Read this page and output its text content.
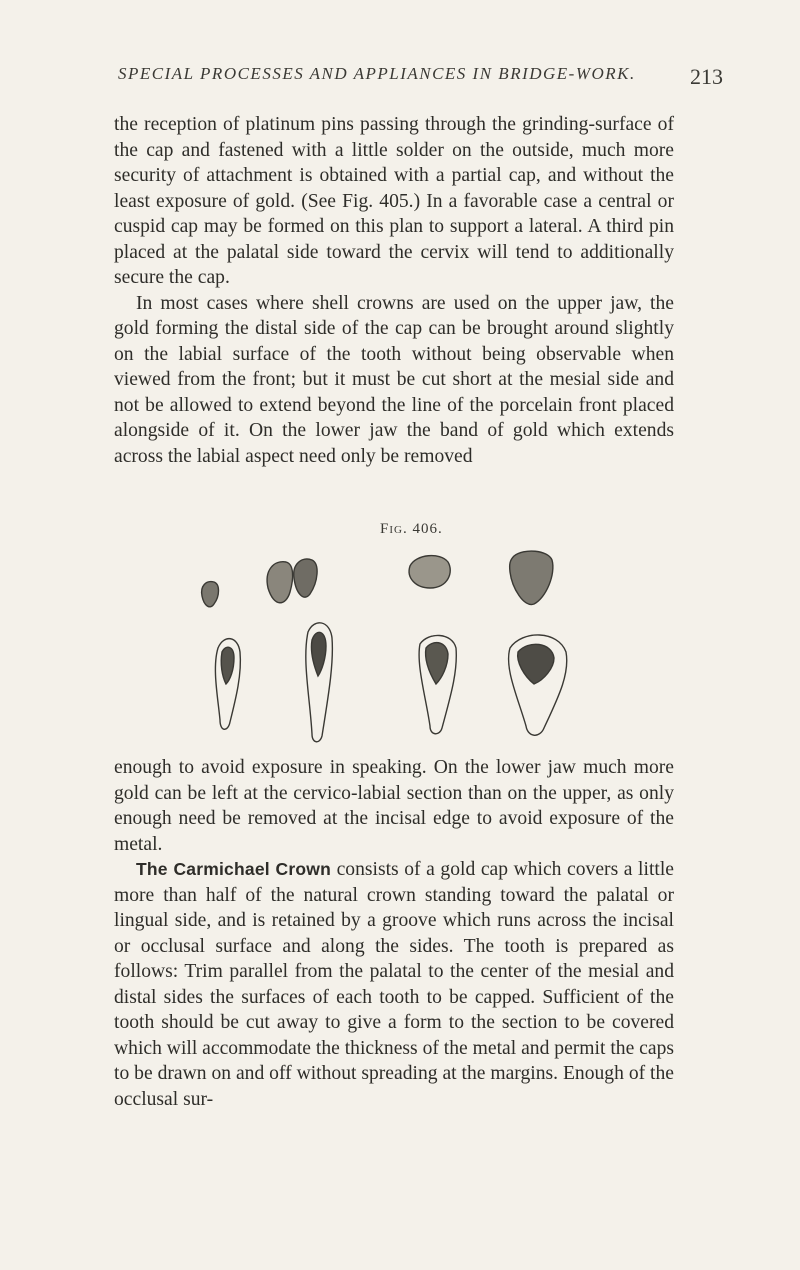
SPECIAL PROCESSES AND APPLIANCES IN BRIDGE-WORK.	213

the reception of platinum pins passing through the grinding-surface of the cap and fastened with a little solder on the outside, much more security of attachment is obtained with a partial cap, and without the least exposure of gold. (See Fig. 405.) In a favorable case a central or cuspid cap may be formed on this plan to support a lateral. A third pin placed at the palatal side toward the cervix will tend to additionally secure the cap.

In most cases where shell crowns are used on the upper jaw, the gold forming the distal side of the cap can be brought around slightly on the labial surface of the tooth without being observable when viewed from the front; but it must be cut short at the mesial side and not be allowed to extend beyond the line of the porcelain front placed alongside of it. On the lower jaw the band of gold which extends across the labial aspect need only be removed

Fig. 406.

enough to avoid exposure in speaking. On the lower jaw much more gold can be left at the cervico-labial section than on the upper, as only enough need be removed at the incisal edge to avoid exposure of the metal.

The Carmichael Crown consists of a gold cap which covers a little more than half of the natural crown standing toward the palatal or lingual side, and is retained by a groove which runs across the incisal or occlusal surface and along the sides. The tooth is prepared as follows: Trim parallel from the palatal to the center of the mesial and distal sides the surfaces of each tooth to be capped. Sufficient of the tooth should be cut away to give a form to the section to be covered which will accommodate the thickness of the metal and permit the caps to be drawn on and off without spreading at the margins. Enough of the occlusal sur-
